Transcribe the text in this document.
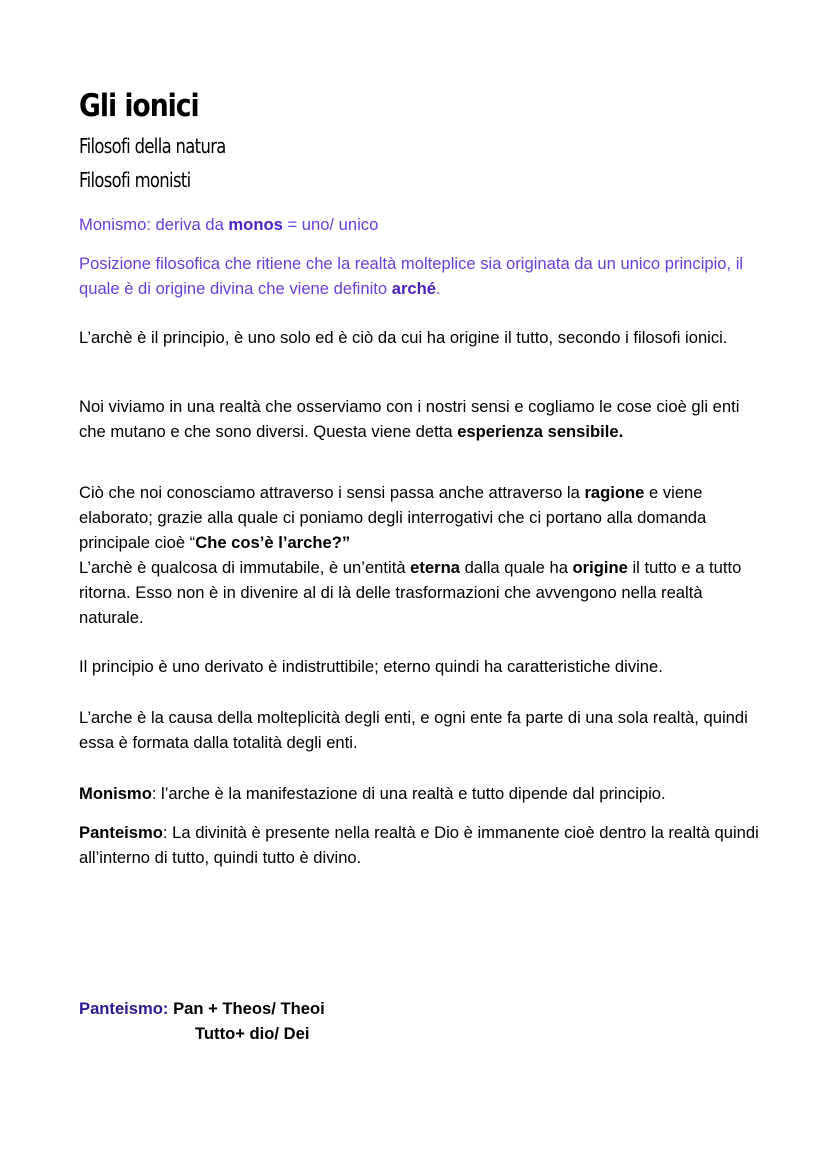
Gli ionici
Filosofi della natura
Filosofi monisti
Monismo: deriva da monos = uno/ unico
Posizione filosofica che ritiene che la realtà molteplice sia originata da un unico principio, il quale è di origine divina che viene definito arché.
L’archè è il principio, è uno solo ed è ciò da cui ha origine il tutto, secondo i filosofi ionici.
Noi viviamo in una realtà che osserviamo con i nostri sensi e cogliamo le cose cioè gli enti che mutano e che sono diversi. Questa viene detta esperienza sensibile.
Ciò che noi conosciamo attraverso i sensi passa anche attraverso la ragione e viene elaborato; grazie alla quale ci poniamo degli interrogativi che ci portano alla domanda principale cioè “Che cos’è l’arche?”
L’archè è qualcosa di immutabile, è un’entità eterna dalla quale ha origine il tutto e a tutto ritorna. Esso non è in divenire al di là delle trasformazioni che avvengono nella realtà naturale.
Il principio è uno derivato è indistruttibile; eterno quindi ha caratteristiche divine.
L’arche è la causa della molteplicità degli enti, e ogni ente fa parte di una sola realtà, quindi essa è formata dalla totalità degli enti.
Monismo: l’arche è la manifestazione di una realtà e tutto dipende dal principio.
Panteismo: La divinità è presente nella realtà e Dio è immanente cioè dentro la realtà quindi all’interno di tutto, quindi tutto è divino.
Panteismo: Pan + Theos/ Theoi
Tutto+ dio/ Dei
